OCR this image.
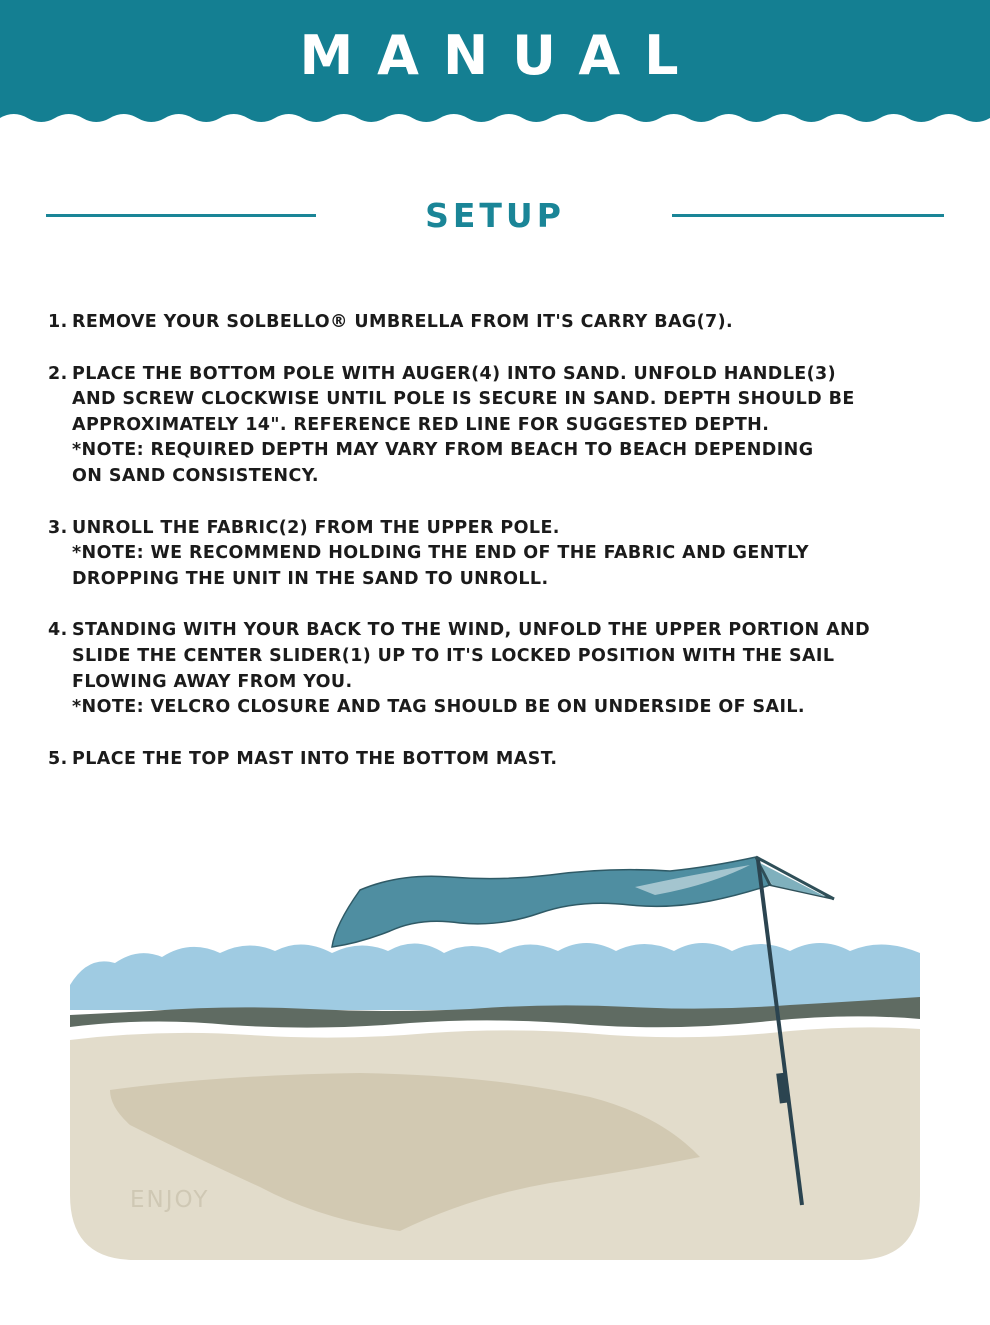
MANUAL
SETUP
1. REMOVE YOUR SOLBELLO® UMBRELLA FROM IT'S CARRY BAG(7).
2. PLACE THE BOTTOM POLE WITH AUGER(4) INTO SAND. UNFOLD HANDLE(3)
AND SCREW CLOCKWISE UNTIL POLE IS SECURE IN SAND. DEPTH SHOULD BE
APPROXIMATELY 14". REFERENCE RED LINE FOR SUGGESTED DEPTH.
*NOTE: REQUIRED DEPTH MAY VARY FROM BEACH TO BEACH DEPENDING
ON SAND CONSISTENCY.
3. UNROLL THE FABRIC(2) FROM THE UPPER POLE.
*NOTE: WE RECOMMEND HOLDING THE END OF THE FABRIC AND GENTLY
DROPPING THE UNIT IN THE SAND TO UNROLL.
4. STANDING WITH YOUR BACK TO THE WIND, UNFOLD THE UPPER PORTION AND
SLIDE THE CENTER SLIDER(1) UP TO IT'S LOCKED POSITION WITH THE SAIL
FLOWING AWAY FROM YOU.
*NOTE: VELCRO CLOSURE AND TAG SHOULD BE ON UNDERSIDE OF SAIL.
5. PLACE THE TOP MAST INTO THE BOTTOM MAST.
ENJOY
